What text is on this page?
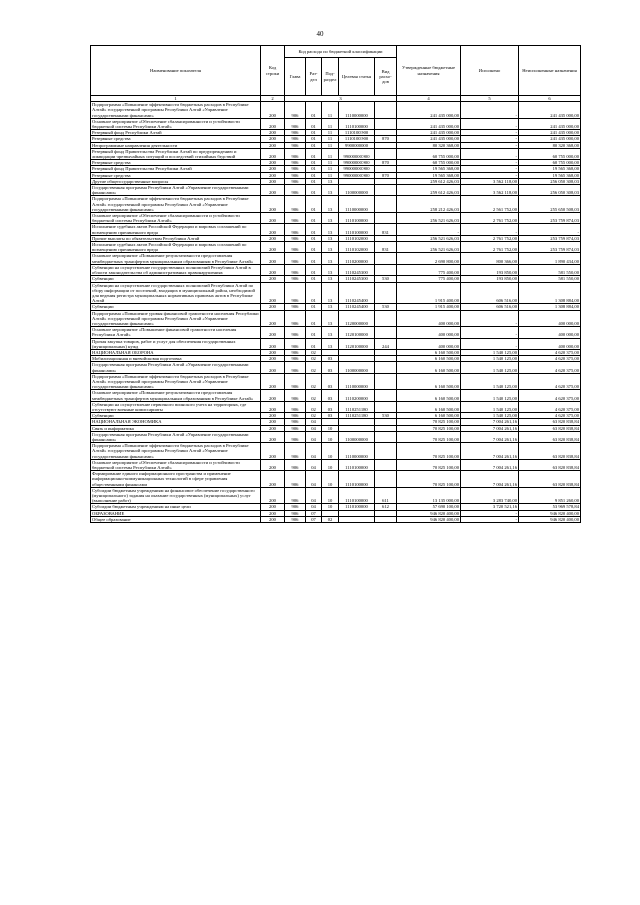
40
Наименование показателя	Код строки	Код расхода по бюджетной классификации					Утвержденные бюджетные назначения	Исполнено	Неисполненные назначения
		Глава	Раз-дел	Под-раздел	Целевая статья	Вид расхо-дов			
1	2	3					4	5	6
Подпрограмма «Повышение эффективности бюджетных расходов в Республике Алтай» государственной программы Республики Алтай «Управление государственными финансами»	200	906	01	11	1110000000		241 435 000,00	-	241 435 000,00
Основное мероприятие «Обеспечение сбалансированности и устойчивости бюджетной системы Республики Алтай»	200	906	01	11	1110100000		241 435 000,00	-	241 435 000,00
Резервный фонд Республики Алтай	200	906	01	11	1110100Э00		241 435 000,00	-	241 435 000,00
Резервные средства	200	906	01	11	1110100Э00	870	241 435 000,00	-	241 435 000,00
Непрограммные направления деятельности	200	906	01	11	9900000000		80 320 368,00	-	80 320 368,00
Резервный фонд Правительства Республики Алтай по предупреждению и ликвидации чрезвычайных ситуаций и последствий стихийных бедствий	200	906	01	11	99000000Э00		60 755 000,00	-	60 755 000,00
Резервные средства	200	906	01	11	99000000Э00	870	60 755 000,00	-	60 755 000,00
Резервный фонд Правительства Республики Алтай	200	906	01	11	99000000Э00		19 565 368,00	-	19 565 368,00
Резервные средства	200	906	01	11	99000000Э00	870	19 565 368,00	-	19 565 368,00
Другие общегосударственные вопросы	200	906	01	13			259 612 426,03	3 562 118,00	256 050 308,03
Государственная программа Республики Алтай «Управление государственными финансами»	200	906	01	13	1100000000		259 612 426,03	3 562 118,00	256 050 308,03
Подпрограмма «Повышение эффективности бюджетных расходов в Республике Алтай» государственной программы Республики Алтай «Управление государственными финансами»	200	906	01	13	1110000000		258 212 426,03	2 561 752,00	255 650 508,03
Основное мероприятие «Обеспечение сбалансированности и устойчивости бюджетной системы Республики Алтай»	200	906	01	13	1110100000		256 521 626,03	2 761 752,00	253 759 874,03
Исполнение судебных актов Российской Федерации и мировых соглашений по возмещению причиненного вреда	200	906	01	13	1110100000	831	-	-	-
Прочие выплаты по обязательствам Республики Алтай	200	906	01	13	1110102000		256 521 626,03	2 761 752,00	253 759 874,03
Исполнение судебных актов Российской Федерации и мировых соглашений по возмещению причиненного вреда	200	906	01	13	1110102000	831	256 521 626,03	2 761 752,00	253 759 874,03
Основное мероприятие «Повышение результативности предоставления межбюджетных трансфертов муниципальным образованиям в Республике Алтай»	200	906	01	13	1110200000		2 690 800,00	800 366,00	1 890 434,00
Субвенции на осуществление государственных полномочий Республики Алтай в области законодательства об административных правонарушениях	200	906	01	13	1110245300		775 400,00	193 850,00	581 550,00
Субвенции	200	906	01	13	1110245300	530	775 400,00	193 850,00	581 550,00
Субвенции на осуществление государственных полномочий Республики Алтай по сбору информации от поселений, входящих в муниципальный район, необходимой для ведения регистра муниципальных нормативных правовых актов в Республике Алтай	200	906	01	13	1110245400		1 915 400,00	606 516,00	1 308 884,00
Субвенции	200	906	01	13	1110245400	530	1 915 400,00	606 516,00	1 308 884,00
Подпрограмма «Повышение уровня финансовой грамотности населения Республики Алтай» государственной программы Республики Алтай «Управление государственными финансами»	200	906	01	13	1120000000		400 000,00	-	400 000,00
Основное мероприятие «Повышение финансовой грамотности населения Республики Алтай»	200	906	01	13	1120100000		400 000,00	-	400 000,00
Прочая закупка товаров, работ и услуг для обеспечения государственных (муниципальных) нужд	200	906	01	13	1120100000	244	400 000,00	-	400 000,00
НАЦИОНАЛЬНАЯ ОБОРОНА	200	906	02				6 160 500,00	1 540 125,00	4 620 375,00
Мобилизационная и вневойсковая подготовка	200	906	02	03			6 160 500,00	1 540 125,00	4 620 375,00
Государственная программа Республики Алтай «Управление государственными финансами»	200	906	02	03	1100000000		6 160 500,00	1 540 125,00	4 620 375,00
Подпрограмма «Повышение эффективности бюджетных расходов в Республике Алтай» государственной программы Республики Алтай «Управление государственными финансами»	200	906	02	03	1110000000		6 160 500,00	1 540 125,00	4 620 375,00
Основное мероприятие «Повышение результативности предоставления межбюджетных трансфертов муниципальным образованиям в Республике Алтай»	200	906	02	03	1110200000		6 160 500,00	1 540 125,00	4 620 375,00
Субвенции на осуществление первичного воинского учета на территориях, где отсутствуют военные комиссариаты	200	906	02	03	1110251180		6 160 500,00	1 540 125,00	4 620 375,00
Субвенции	200	906	02	03	1110251180	530	6 160 500,00	1 540 125,00	4 620 375,00
НАЦИОНАЛЬНАЯ ЭКОНОМИКА	200	906	04				70 825 100,00	7 004 261,16	63 820 838,84
Связь и информатика	200	906	04	10			70 825 100,00	7 004 261,16	63 820 838,84
Государственная программа Республики Алтай «Управление государственными финансами»	200	906	04	10	1100000000		70 825 100,00	7 004 261,16	63 820 838,84
Подпрограмма «Повышение эффективности бюджетных расходов в Республике Алтай» государственной программы Республики Алтай «Управление государственными финансами»	200	906	04	10	1110000000		70 825 100,00	7 004 261,16	63 820 838,84
Основное мероприятие «Обеспечение сбалансированности и устойчивости бюджетной системы Республики Алтай»	200	906	04	10	1110100000		70 825 100,00	7 004 261,16	63 820 838,84
Формирование единого информационного пространства и применение информационно-коммуникационных технологий в сфере управления общественными финансами	200	906	04	10	1110100000		70 825 100,00	7 004 261,16	63 820 838,84
Субсидии бюджетным учреждениям на финансовое обеспечение государственного (муниципального) задания на оказание государственных (муниципальных) услуг (выполнение работ)	200	906	04	10	1110100000	611	13 135 000,00	3 283 740,00	9 851 260,00
Субсидии бюджетным учреждениям на иные цели	200	906	04	10	1110100000	612	57 690 100,00	3 720 521,16	53 969 578,84
ОБРАЗОВАНИЕ	200	906	07				946 820 400,00	-	946 820 400,00
Общее образование	200	906	07	02			946 820 400,00	-	946 820 400,00
